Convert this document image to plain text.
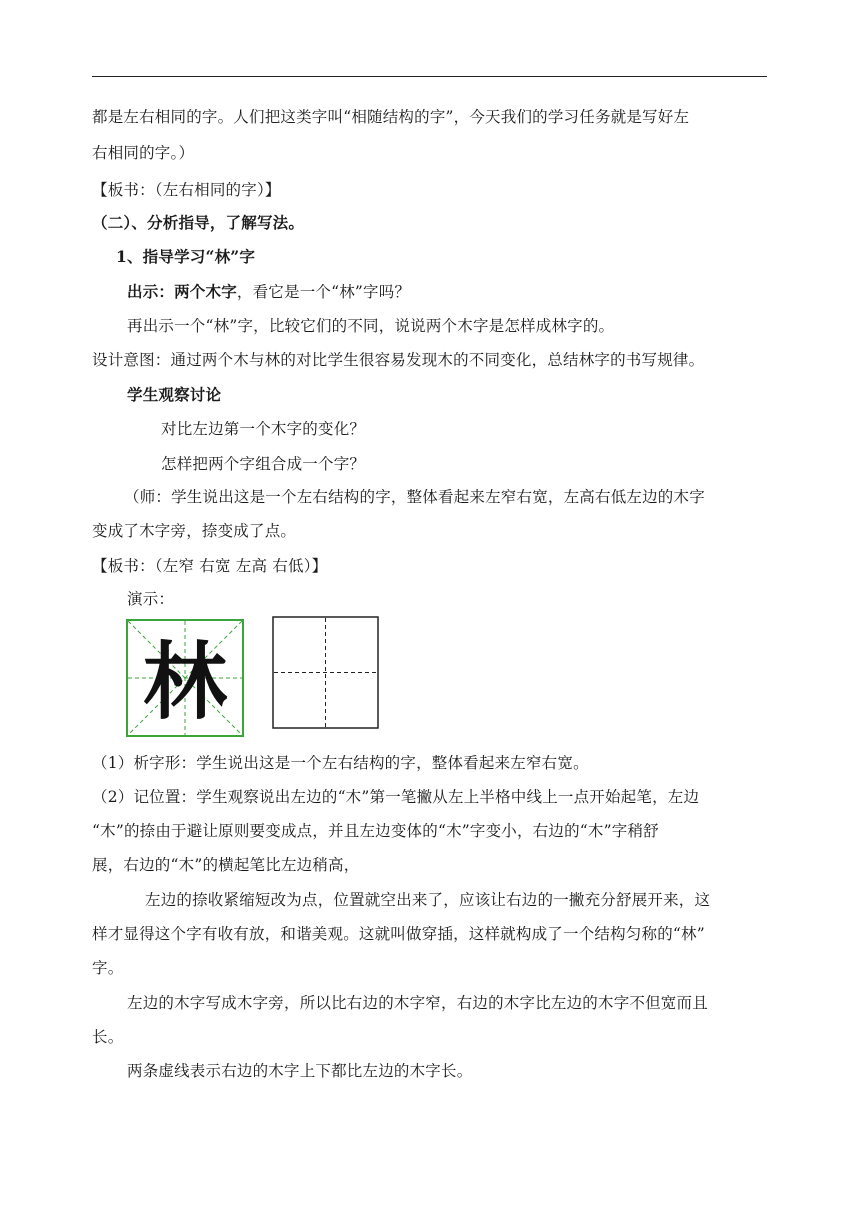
都是左右相同的字。人们把这类字叫“相随结构的字”，今天我们的学习任务就是写好左
右相同的字。）
【板书：（左右相同的字）】
（二）、分析指导，了解写法。
1、指导学习“林”字
出示：两个木字，看它是一个“林”字吗？
再出示一个“林”字，比较它们的不同，说说两个木字是怎样成林字的。
设计意图：通过两个木与林的对比学生很容易发现木的不同变化，总结林字的书写规律。
学生观察讨论
对比左边第一个木字的变化？
怎样把两个字组合成一个字？
（师：学生说出这是一个左右结构的字，整体看起来左窄右宽，左高右低左边的木字
变成了木字旁，捺变成了点。
【板书：（左窄 右宽 左高 右低）】
演示：
林
（1）析字形：学生说出这是一个左右结构的字，整体看起来左窄右宽。
（2）记位置：学生观察说出左边的“木”第一笔撇从左上半格中线上一点开始起笔，左边
“木”的捺由于避让原则要变成点，并且左边变体的“木”字变小，右边的“木”字稍舒
展，右边的“木”的横起笔比左边稍高，
左边的捺收紧缩短改为点，位置就空出来了，应该让右边的一撇充分舒展开来，这
样才显得这个字有收有放，和谐美观。这就叫做穿插，这样就构成了一个结构匀称的“林”
字。
左边的木字写成木字旁，所以比右边的木字窄，右边的木字比左边的木字不但宽而且
长。
两条虚线表示右边的木字上下都比左边的木字长。
